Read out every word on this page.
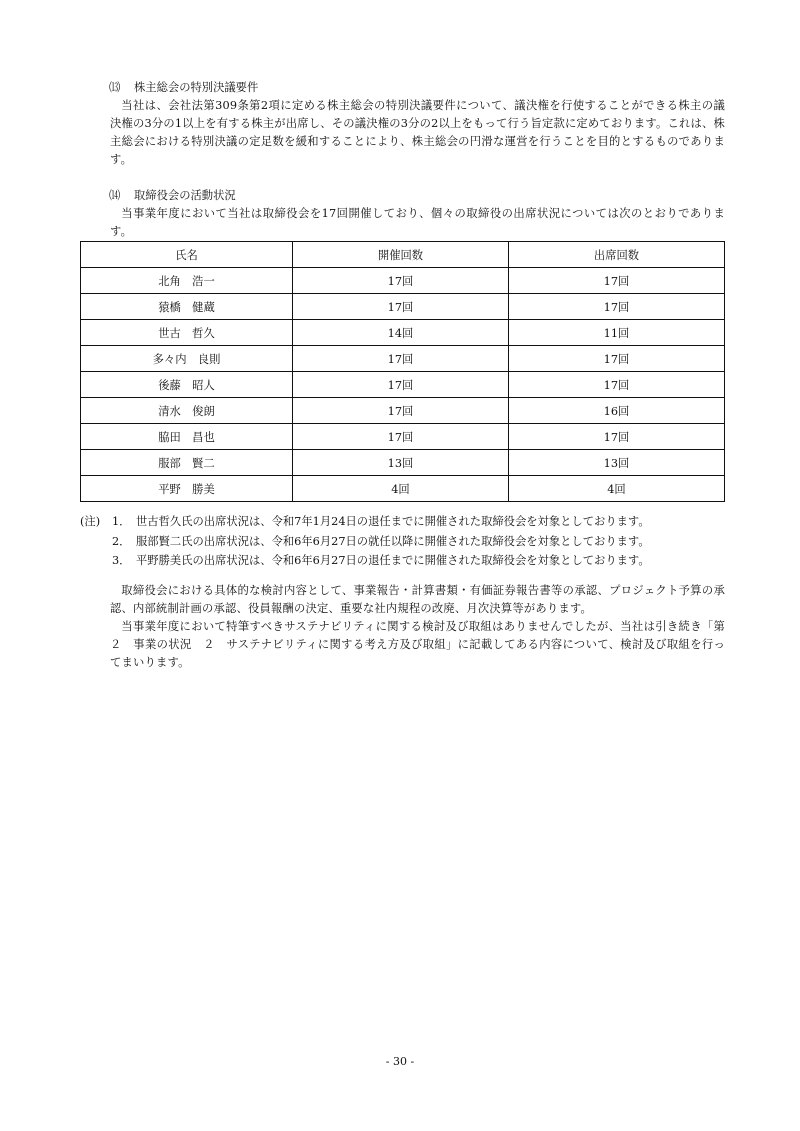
⒀ 株主総会の特別決議要件
当社は、会社法第309条第2項に定める株主総会の特別決議要件について、議決権を行使することができる株主の議決権の3分の1以上を有する株主が出席し、その議決権の3分の2以上をもって行う旨定款に定めております。これは、株主総会における特別決議の定足数を緩和することにより、株主総会の円滑な運営を行うことを目的とするものであります。
⒁ 取締役会の活動状況
当事業年度において当社は取締役会を17回開催しており、個々の取締役の出席状況については次のとおりであります。
氏名	開催回数	出席回数
北角　浩一	17回	17回
猿橋　健蔵	17回	17回
世古　哲久	14回	11回
多々内　良則	17回	17回
後藤　昭人	17回	17回
清水　俊朗	17回	16回
脇田　昌也	17回	17回
服部　賢二	13回	13回
平野　勝美	4回	4回
(注) 1． 世古哲久氏の出席状況は、令和7年1月24日の退任までに開催された取締役会を対象としております。
2． 服部賢二氏の出席状況は、令和6年6月27日の就任以降に開催された取締役会を対象としております。
3． 平野勝美氏の出席状況は、令和6年6月27日の退任までに開催された取締役会を対象としております。
取締役会における具体的な検討内容として、事業報告・計算書類・有価証券報告書等の承認、プロジェクト予算の承認、内部統制計画の承認、役員報酬の決定、重要な社内規程の改廃、月次決算等があります。
当事業年度において特筆すべきサステナビリティに関する検討及び取組はありませんでしたが、当社は引き続き「第２　事業の状況　２　サステナビリティに関する考え方及び取組」に記載してある内容について、検討及び取組を行ってまいります。
- 30 -
